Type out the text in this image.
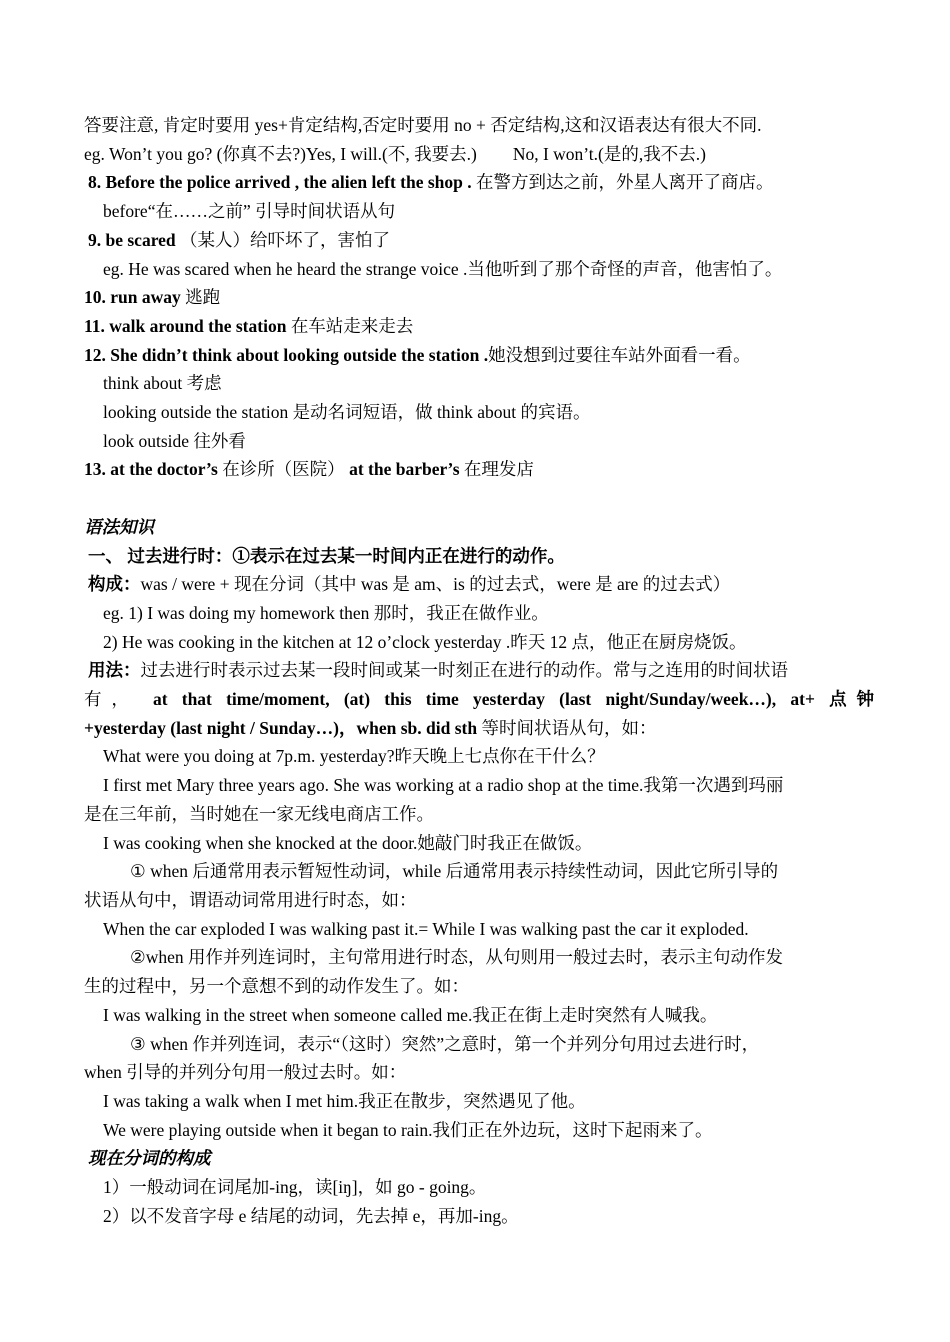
答要注意, 肯定时要用 yes+肯定结构,否定时要用 no + 否定结构,这和汉语表达有很大不同.
eg. Won’t you go? (你真不去?)Yes, I will.(不, 我要去.) No, I won’t.(是的,我不去.)
8. Before the police arrived , the alien left the shop . 在警方到达之前，外星人离开了商店。
before“在……之前” 引导时间状语从句
9. be scared （某人）给吓坏了，害怕了
eg. He was scared when he heard the strange voice .当他听到了那个奇怪的声音，他害怕了。
10. run away 逃跑
11. walk around the station 在车站走来走去
12. She didn’t think about looking outside the station .她没想到过要往车站外面看一看。
think about 考虑
looking outside the station 是动名词短语，做 think about 的宾语。
look outside 往外看
13. at the doctor’s 在诊所（医院） at the barber’s 在理发店
语法知识
一、 过去进行时：①表示在过去某一时间内正在进行的动作。
构成：was / were + 现在分词（其中 was 是 am、is 的过去式，were 是 are 的过去式）
eg. 1) I was doing my homework then 那时，我正在做作业。
2) He was cooking in the kitchen at 12 o’clock yesterday .昨天 12 点，他正在厨房烧饭。
用法：过去进行时表示过去某一段时间或某一时刻正在进行的动作。常与之连用的时间状语
有， at that time/moment, (at) this time yesterday (last night/Sunday/week…), at+ 点钟
+yesterday (last night / Sunday…)，when sb. did sth 等时间状语从句，如：
What were you doing at 7p.m. yesterday?昨天晚上七点你在干什么？
I first met Mary three years ago. She was working at a radio shop at the time.我第一次遇到玛丽
是在三年前，当时她在一家无线电商店工作。
I was cooking when she knocked at the door.她敲门时我正在做饭。
① when 后通常用表示暂短性动词，while 后通常用表示持续性动词，因此它所引导的
状语从句中，谓语动词常用进行时态，如：
When the car exploded I was walking past it.= While I was walking past the car it exploded.
②when 用作并列连词时，主句常用进行时态，从句则用一般过去时，表示主句动作发
生的过程中，另一个意想不到的动作发生了。如：
I was walking in the street when someone called me.我正在街上走时突然有人喊我。
③ when 作并列连词，表示“（这时）突然”之意时，第一个并列分句用过去进行时，
when 引导的并列分句用一般过去时。如：
I was taking a walk when I met him.我正在散步，突然遇见了他。
We were playing outside when it began to rain.我们正在外边玩，这时下起雨来了。
现在分词的构成
1）一般动词在词尾加-ing，读[iŋ]，如 go - going。
2）以不发音字母 e 结尾的动词，先去掉 e，再加-ing。
